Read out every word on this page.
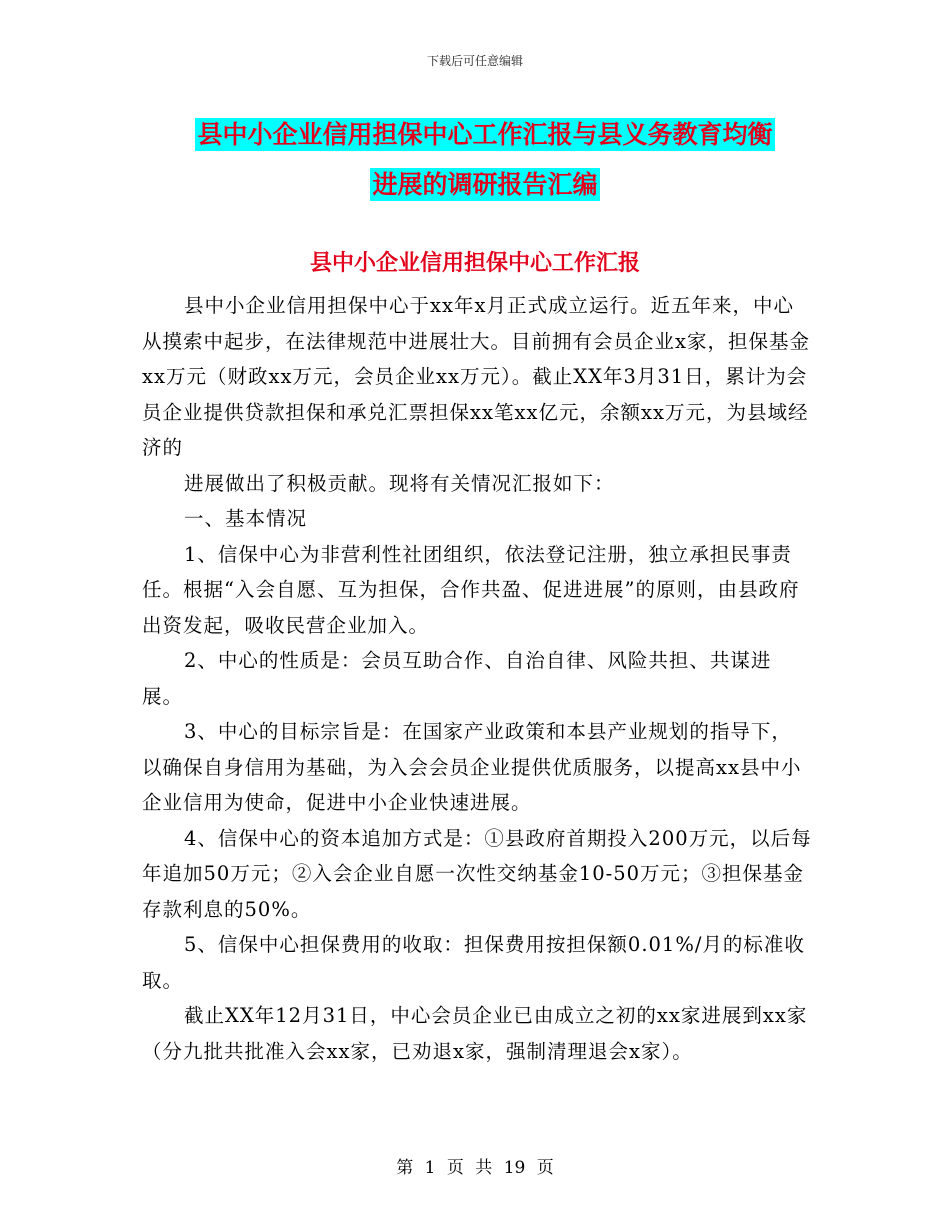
下载后可任意编辑
县中小企业信用担保中心工作汇报与县义务教育均衡
进展的调研报告汇编
县中小企业信用担保中心工作汇报

县中小企业信用担保中心于xx年x月正式成立运行。近五年来，中心从摸索中起步，在法律规范中进展壮大。目前拥有会员企业x家，担保基金xx万元（财政xx万元，会员企业xx万元）。截止XX年3月31日，累计为会员企业提供贷款担保和承兑汇票担保xx笔xx亿元，余额xx万元，为县域经济的

进展做出了积极贡献。现将有关情况汇报如下：

一、基本情况

1、信保中心为非营利性社团组织，依法登记注册，独立承担民事责任。根据“入会自愿、互为担保，合作共盈、促进进展”的原则，由县政府出资发起，吸收民营企业加入。

2、中心的性质是：会员互助合作、自治自律、风险共担、共谋进展。

3、中心的目标宗旨是：在国家产业政策和本县产业规划的指导下，以确保自身信用为基础，为入会会员企业提供优质服务，以提高xx县中小企业信用为使命，促进中小企业快速进展。

4、信保中心的资本追加方式是：①县政府首期投入200万元，以后每年追加50万元；②入会企业自愿一次性交纳基金10-50万元；③担保基金存款利息的50%。

5、信保中心担保费用的收取：担保费用按担保额0.01%/月的标准收取。

截止XX年12月31日，中心会员企业已由成立之初的xx家进展到xx家（分九批共批准入会xx家，已劝退x家，强制清理退会x家）。

第 1 页 共 19 页
